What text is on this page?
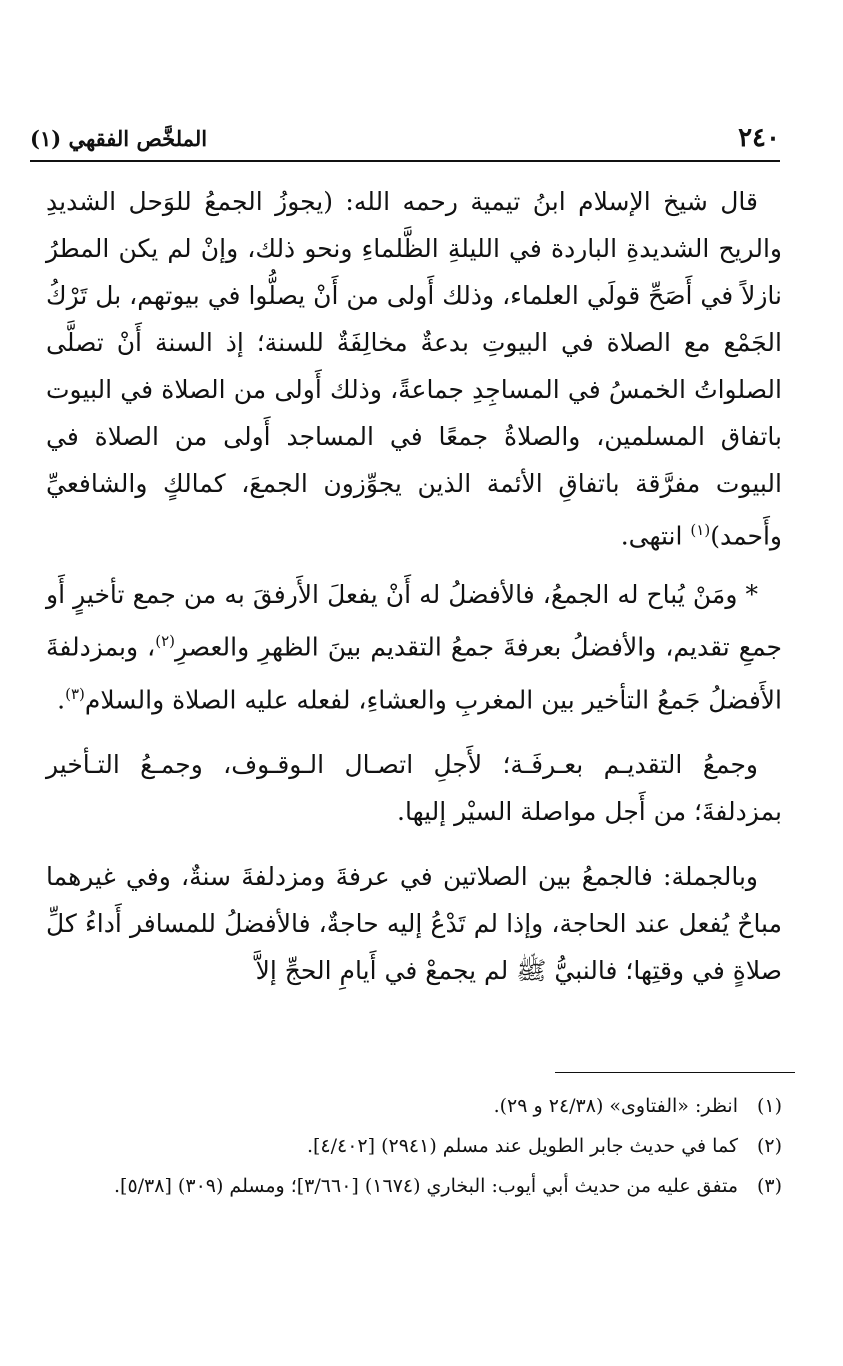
٢٤٠
الملخَّص الفقهي (١)

قال شيخ الإسلام ابنُ تيمية رحمه الله: (يجوزُ الجمعُ للوَحل الشديدِ والريح الشديدةِ الباردة في الليلةِ الظَّلماءِ ونحو ذلك، وإنْ لم يكن المطرُ نازلاً في أَصَحِّ قولَي العلماء، وذلك أَولى من أَنْ يصلُّوا في بيوتهم، بل تَرْكُ الجَمْع مع الصلاة في البيوتِ بدعةٌ مخالِفَةٌ للسنة؛ إذ السنة أَنْ تصلَّى الصلواتُ الخمسُ في المساجِدِ جماعةً، وذلك أَولى من الصلاة في البيوت باتفاق المسلمين، والصلاةُ جمعًا في المساجد أَولى من الصلاة في البيوت مفرَّقة باتفاقِ الأئمة الذين يجوِّزون الجمعَ، كمالكٍ والشافعيِّ وأَحمد)$^{(١)}$ انتهى.

* ومَنْ يُباح له الجمعُ، فالأفضلُ له أَنْ يفعلَ الأَرفقَ به من جمع تأخيرٍ أَو جمعِ تقديم، والأفضلُ بعرفةَ جمعُ التقديم بينَ الظهرِ والعصرِ$^{(٢)}$، وبمزدلفةَ الأَفضلُ جَمعُ التأخير بين المغربِ والعشاءِ، لفعله عليه الصلاة والسلام$^{(٣)}$.

وجمعُ التقديـم بعـرفَـة؛ لأَجلِ اتصـال الـوقـوف، وجمـعُ التـأخير بمزدلفةَ؛ من أَجل مواصلة السيْر إليها.

وبالجملة: فالجمعُ بين الصلاتين في عرفةَ ومزدلفةَ سنةٌ، وفي غيرهما مباحٌ يُفعل عند الحاجة، وإذا لم تَدْعُ إليه حاجةٌ، فالأفضلُ للمسافر أَداءُ كلِّ صلاةٍ في وقتِها؛ فالنبيُّ ﷺ لم يجمعْ في أَيامِ الحجِّ إلاَّ

(١)
انظر: «الفتاوى» (٢٤/٣٨ و ٢٩).
(٢)
كما في حديث جابر الطويل عند مسلم (٢٩٤١) [٤/٤٠٢].
(٣)
متفق عليه من حديث أبي أيوب: البخاري (١٦٧٤) [٣/٦٦٠]؛ ومسلم (٣٠٩) [٥/٣٨].
